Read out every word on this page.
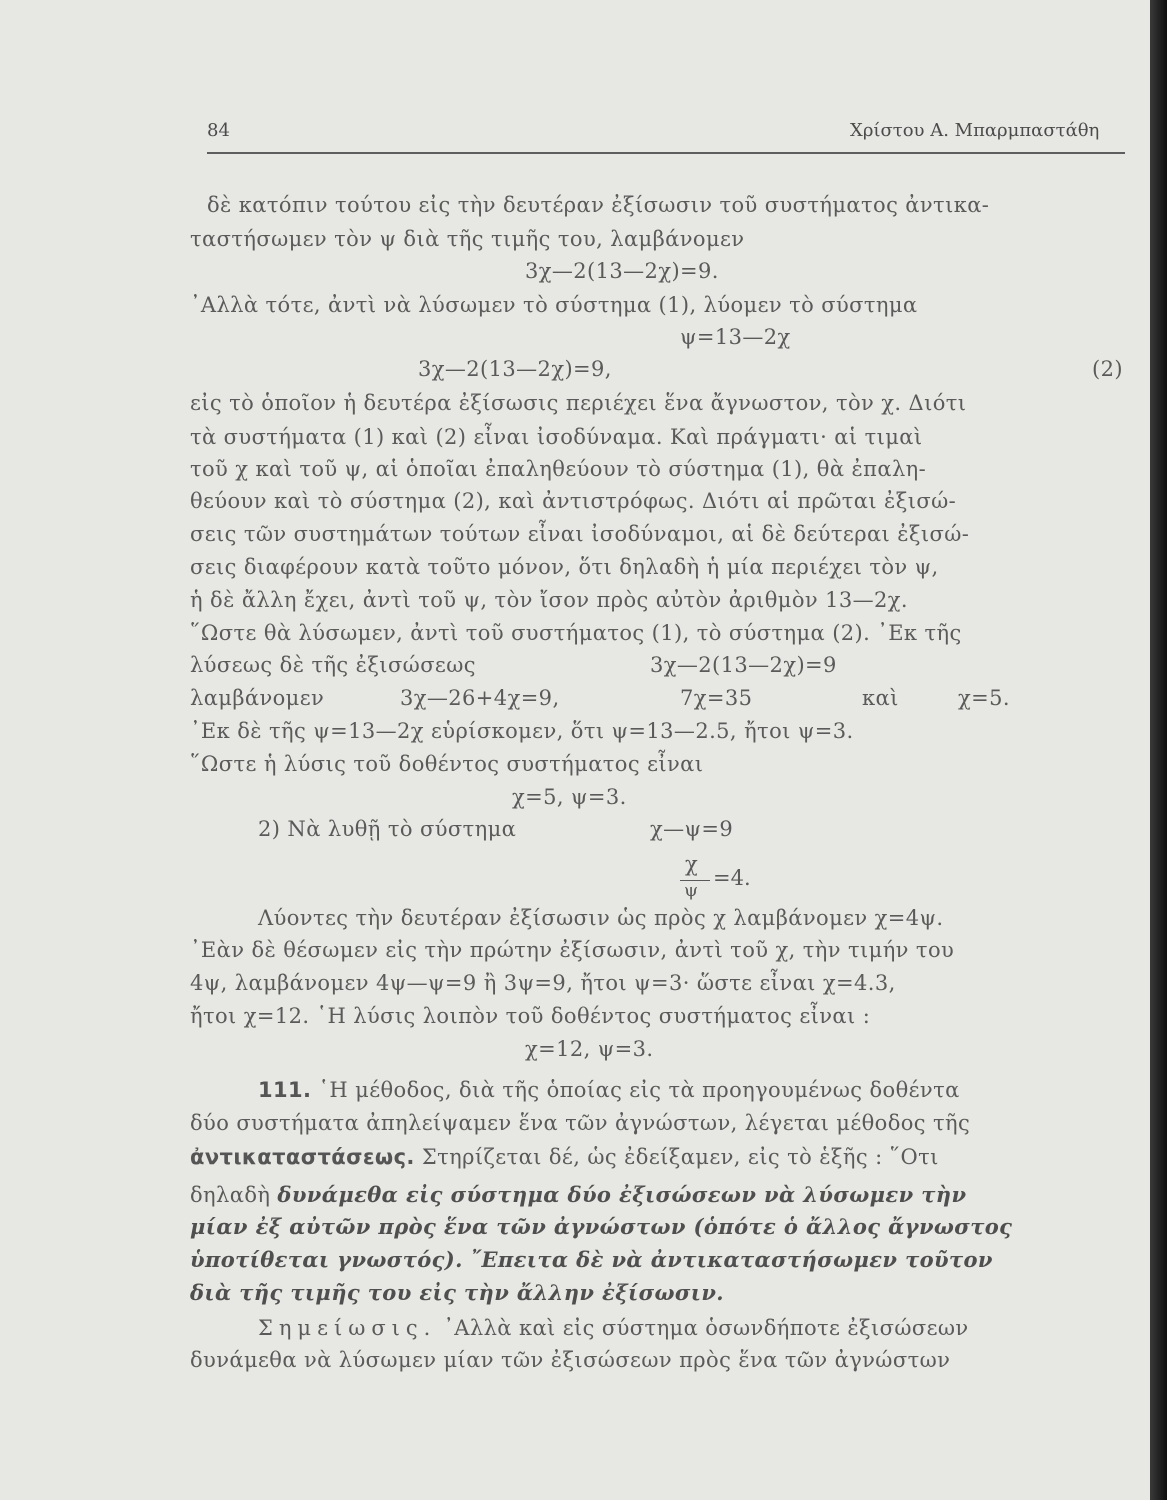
84	Χρίστου Α. Μπαρμπαστάθη
δὲ κατόπιν τούτου εἰς τὴν δευτέραν ἐξίσωσιν τοῦ συστήματος ἀντικα-
ταστήσωμεν τὸν ψ διὰ τῆς τιμῆς του, λαμβάνομεν
3χ—2(13—2χ)=9.
᾿Αλλὰ τότε, ἀντὶ νὰ λύσωμεν τὸ σύστημα (1), λύομεν τὸ σύστημα
ψ=13—2χ
3χ—2(13—2χ)=9,	(2)
εἰς τὸ ὁποῖον ἡ δευτέρα ἐξίσωσις περιέχει ἕνα ἄγνωστον, τὸν χ. Διότι
τὰ συστήματα (1) καὶ (2) εἶναι ἰσοδύναμα. Καὶ πράγματι· αἱ τιμαὶ
τοῦ χ καὶ τοῦ ψ, αἱ ὁποῖαι ἐπαληθεύουν τὸ σύστημα (1), θὰ ἐπαλη-
θεύουν καὶ τὸ σύστημα (2), καὶ ἀντιστρόφως. Διότι αἱ πρῶται ἐξισώ-
σεις τῶν συστημάτων τούτων εἶναι ἰσοδύναμοι, αἱ δὲ δεύτεραι ἐξισώ-
σεις διαφέρουν κατὰ τοῦτο μόνον, ὅτι δηλαδὴ ἡ μία περιέχει τὸν ψ,
ἡ δὲ ἄλλη ἔχει, ἀντὶ τοῦ ψ, τὸν ἴσον πρὸς αὐτὸν ἀριθμὸν 13—2χ.
῞Ωστε θὰ λύσωμεν, ἀντὶ τοῦ συστήματος (1), τὸ σύστημα (2). ᾿Εκ τῆς
λύσεως δὲ τῆς ἐξισώσεως	3χ—2(13—2χ)=9
λαμβάνομεν	3χ—26+4χ=9,	7χ=35	καὶ	χ=5.
᾿Εκ δὲ τῆς ψ=13—2χ εὑρίσκομεν, ὅτι ψ=13—2.5, ἤτοι ψ=3.
῞Ωστε ἡ λύσις τοῦ δοθέντος συστήματος εἶναι
χ=5, ψ=3.
2) Νὰ λυθῇ τὸ σύστημα	χ—ψ=9
χ
ψ
=4.
Λύοντες τὴν δευτέραν ἐξίσωσιν ὡς πρὸς χ λαμβάνομεν χ=4ψ.
᾿Εὰν δὲ θέσωμεν εἰς τὴν πρώτην ἐξίσωσιν, ἀντὶ τοῦ χ, τὴν τιμήν του
4ψ, λαμβάνομεν 4ψ—ψ=9 ἢ 3ψ=9, ἤτοι ψ=3· ὥστε εἶναι χ=4.3,
ἤτοι χ=12. ῾Η λύσις λοιπὸν τοῦ δοθέντος συστήματος εἶναι :
χ=12, ψ=3.
111. ῾Η μέθοδος, διὰ τῆς ὁποίας εἰς τὰ προηγουμένως δοθέντα
δύο συστήματα ἀπηλείψαμεν ἕνα τῶν ἀγνώστων, λέγεται μέθοδος τῆς
ἀντικαταστάσεως. Στηρίζεται δέ, ὡς ἐδείξαμεν, εἰς τὸ ἑξῆς : ῞Οτι
δηλαδὴ δυνάμεθα εἰς σύστημα δύο ἐξισώσεων νὰ λύσωμεν τὴν
μίαν ἐξ αὐτῶν πρὸς ἕνα τῶν ἀγνώστων (ὁπότε ὁ ἄλλος ἄγνωστος
ὑποτίθεται γνωστός). ῎Επειτα δὲ νὰ ἀντικαταστήσωμεν τοῦτον
διὰ τῆς τιμῆς του εἰς τὴν ἄλλην ἐξίσωσιν.
Σημείωσις. ᾿Αλλὰ καὶ εἰς σύστημα ὁσωνδήποτε ἐξισώσεων
δυνάμεθα νὰ λύσωμεν μίαν τῶν ἐξισώσεων πρὸς ἕνα τῶν ἀγνώστων
